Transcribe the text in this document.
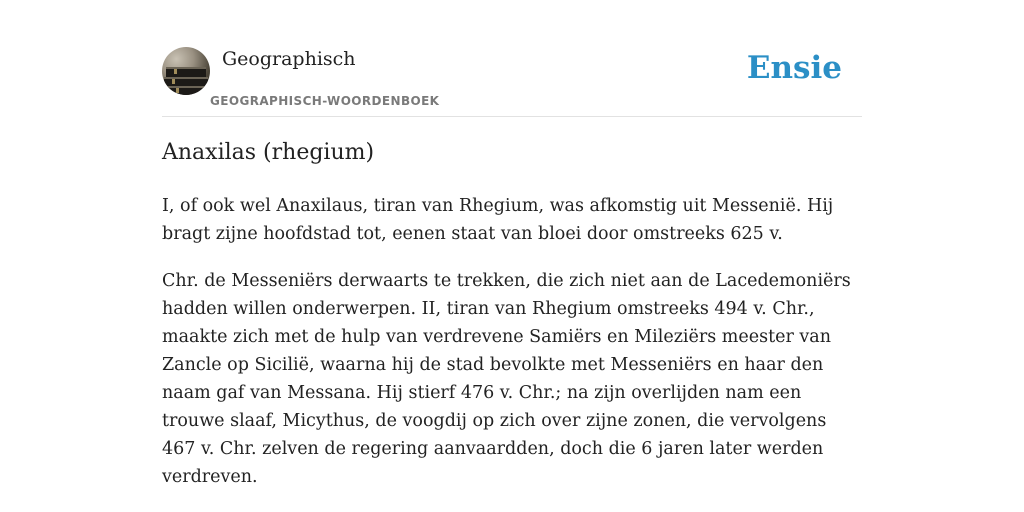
Geographisch
GEOGRAPHISCH-WOORDENBOEK
Ensie
Anaxilas (rhegium)

I, of ook wel Anaxilaus, tiran van Rhegium, was afkomstig uit Messenië. Hij bragt zijne hoofdstad tot, eenen staat van bloei door omstreeks 625 v.

Chr. de Messeniërs derwaarts te trekken, die zich niet aan de Lacedemoniërs hadden willen onderwerpen. II, tiran van Rhegium omstreeks 494 v. Chr., maakte zich met de hulp van verdrevene Samiërs en Mileziërs meester van Zancle op Sicilië, waarna hij de stad bevolkte met Messeniërs en haar den naam gaf van Messana. Hij stierf 476 v. Chr.; na zijn overlijden nam een trouwe slaaf, Micythus, de voogdij op zich over zijne zonen, die vervolgens 467 v. Chr. zelven de regering aanvaardden, doch die 6 jaren later werden verdreven.
